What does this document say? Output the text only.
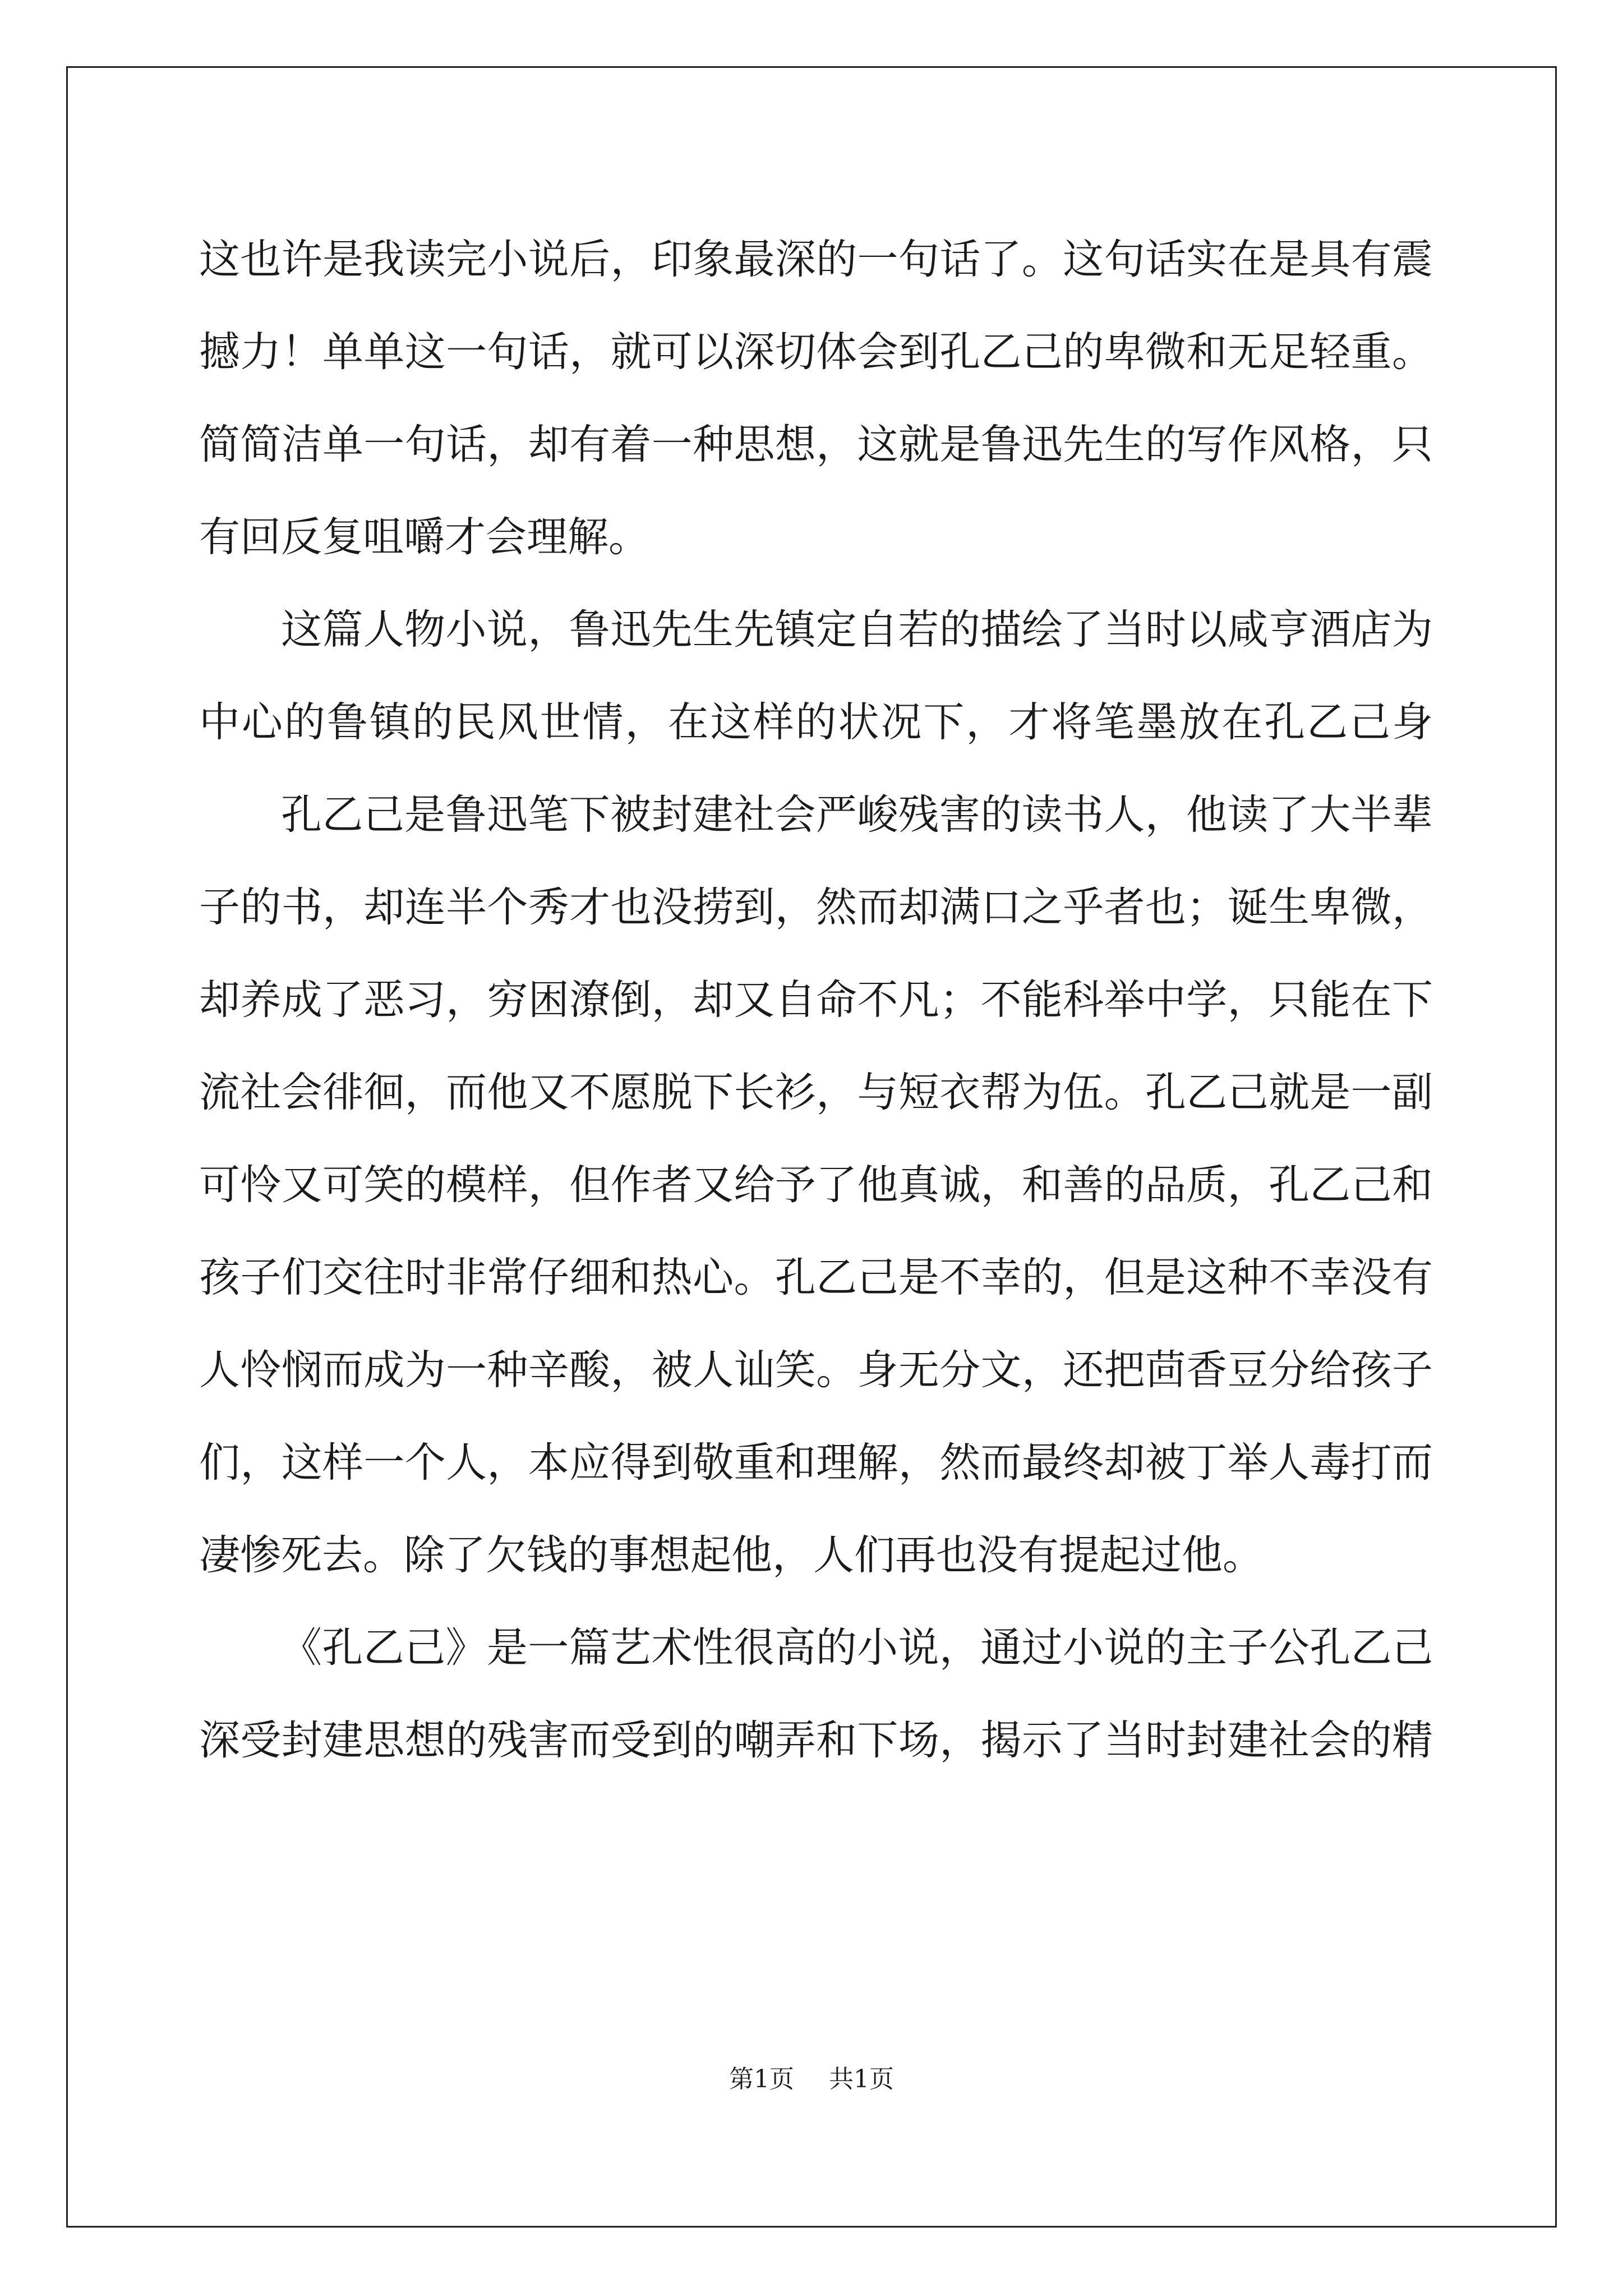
这也许是我读完小说后，印象最深的一句话了。这句话实在是具有震
撼力！单单这一句话，就可以深切体会到孔乙己的卑微和无足轻重。
简简洁单一句话，却有着一种思想，这就是鲁迅先生的写作风格，只
有回反复咀嚼才会理解。
这篇人物小说，鲁迅先生先镇定自若的描绘了当时以咸亨酒店为
中心的鲁镇的民风世情，在这样的状况下，才将笔墨放在孔乙己身
孔乙己是鲁迅笔下被封建社会严峻残害的读书人，他读了大半辈
子的书，却连半个秀才也没捞到，然而却满口之乎者也；诞生卑微，
却养成了恶习，穷困潦倒，却又自命不凡；不能科举中学，只能在下
流社会徘徊，而他又不愿脱下长衫，与短衣帮为伍。孔乙己就是一副
可怜又可笑的模样，但作者又给予了他真诚，和善的品质，孔乙己和
孩子们交往时非常仔细和热心。孔乙己是不幸的，但是这种不幸没有
人怜悯而成为一种辛酸，被人讪笑。身无分文，还把茴香豆分给孩子
们，这样一个人，本应得到敬重和理解，然而最终却被丁举人毒打而
凄惨死去。除了欠钱的事想起他，人们再也没有提起过他。
《孔乙己》是一篇艺术性很高的小说，通过小说的主子公孔乙己
深受封建思想的残害而受到的嘲弄和下场，揭示了当时封建社会的精
第1页 共1页
